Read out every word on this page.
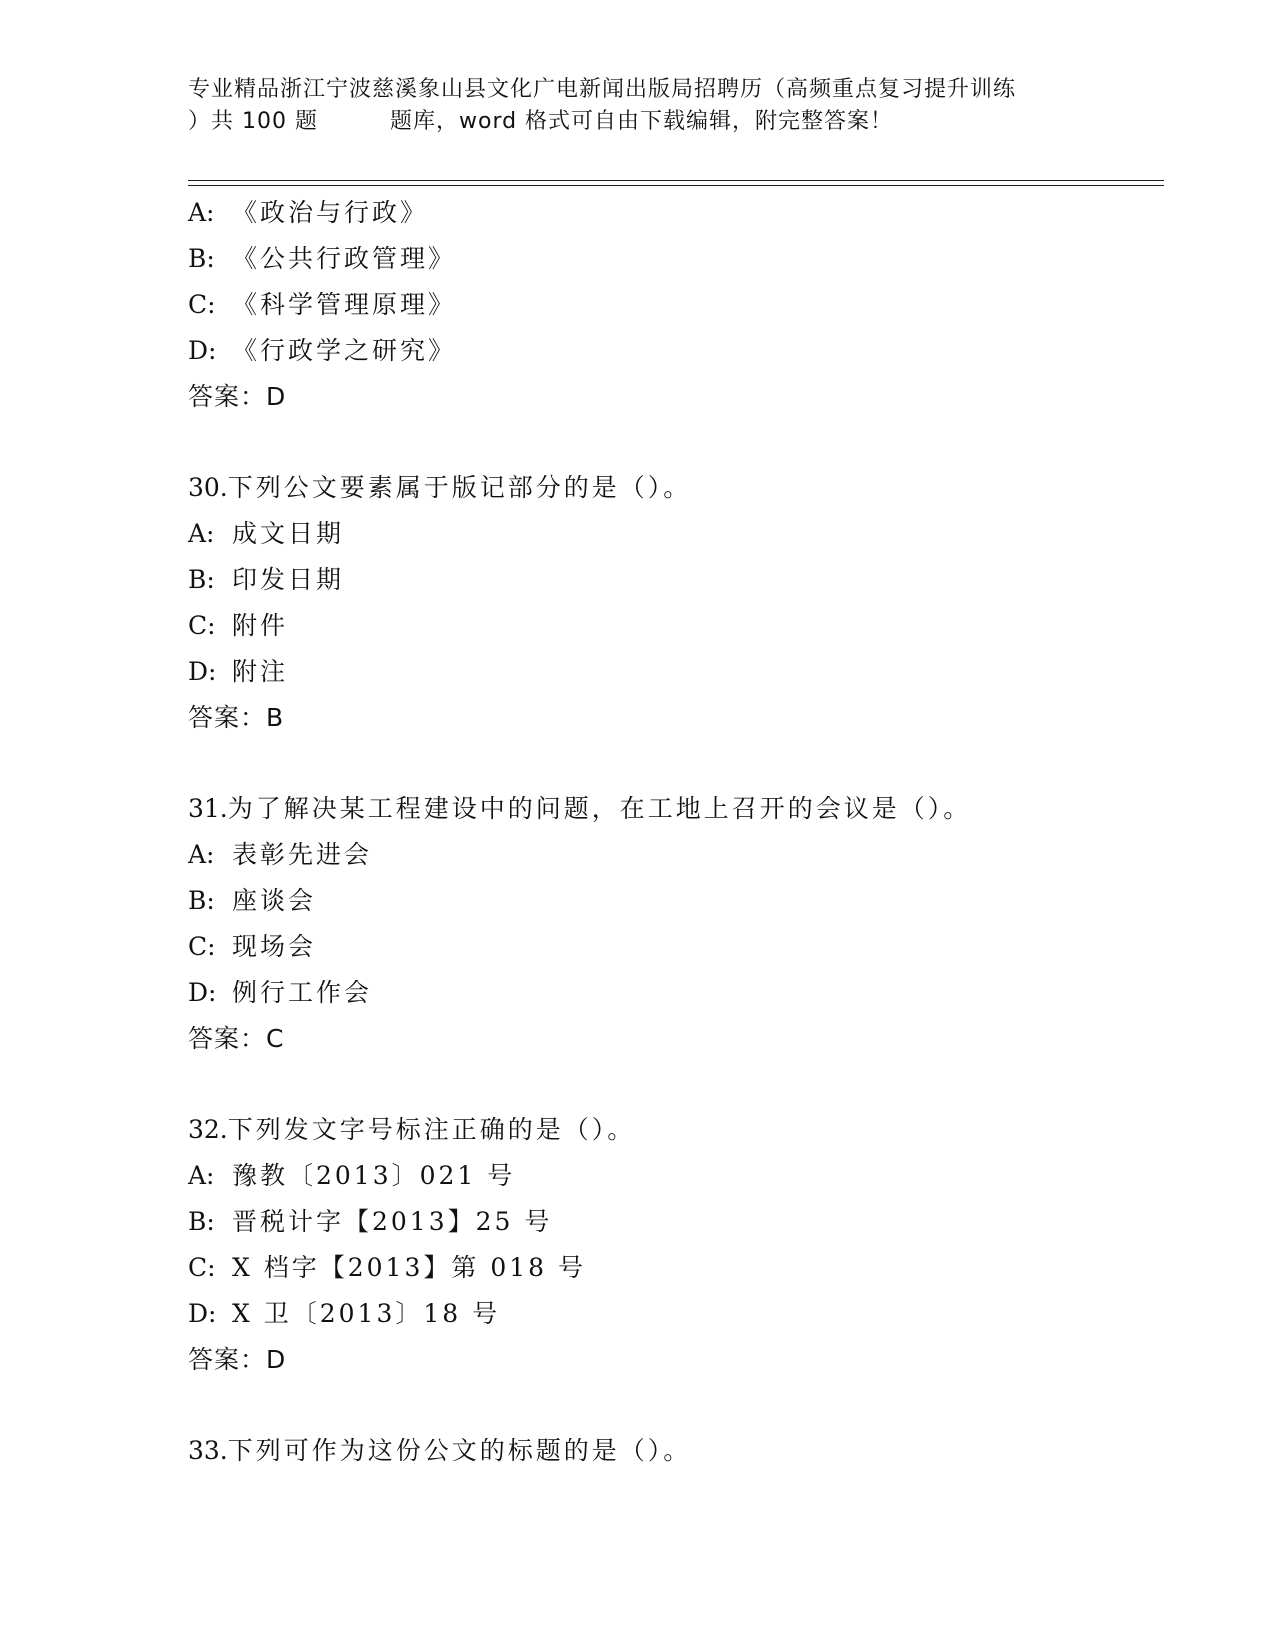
专业精品浙江宁波慈溪象山县文化广电新闻出版局招聘历（高频重点复习提升训练
）共 100 题	题库，word 格式可自由下载编辑，附完整答案！
A: 《政治与行政》
B: 《公共行政管理》
C: 《科学管理原理》
D: 《行政学之研究》
答案：D
30.下列公文要素属于版记部分的是（）。
A: 成文日期
B: 印发日期
C: 附件
D: 附注
答案：B
31.为了解决某工程建设中的问题，在工地上召开的会议是（）。
A: 表彰先进会
B: 座谈会
C: 现场会
D: 例行工作会
答案：C
32.下列发文字号标注正确的是（）。
A: 豫教〔2013〕021 号
B: 晋税计字【2013】25 号
C: X 档字【2013】第 018 号
D: X 卫〔2013〕18 号
答案：D
33.下列可作为这份公文的标题的是（）。
